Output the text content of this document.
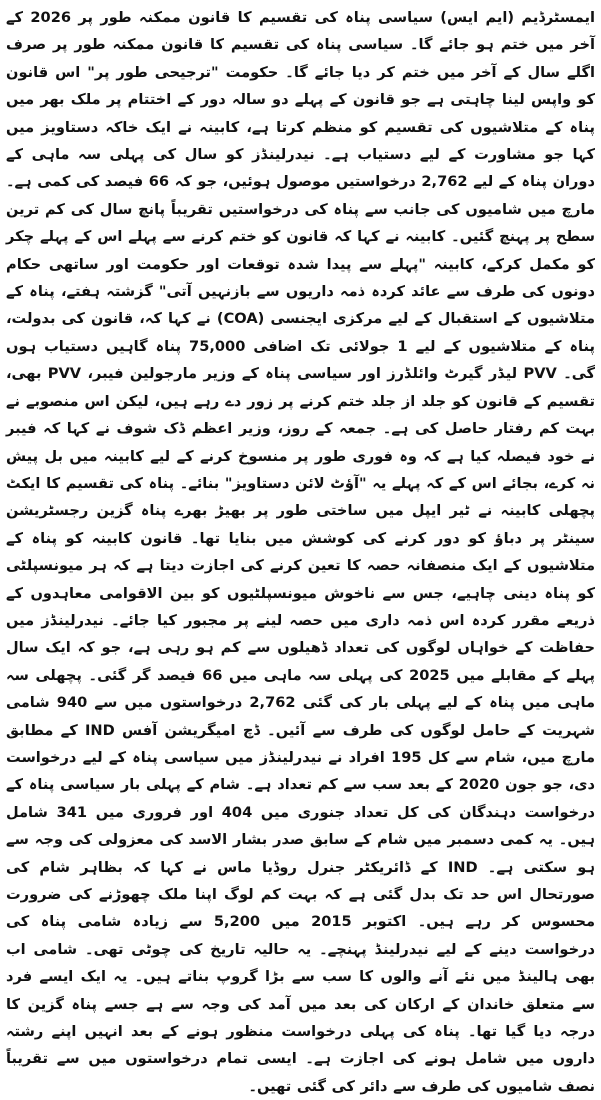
ایمسٹرڈیم (ایم ایس) سیاسی پناہ کی تقسیم کا قانون ممکنہ طور پر 2026 کے آخر میں ختم ہو جائے گا۔ سیاسی پناہ کی تقسیم کا قانون ممکنہ طور پر صرف اگلے سال کے آخر میں ختم کر دیا جائے گا۔ حکومت "ترجیحی طور پر" اس قانون کو واپس لینا چاہتی ہے جو قانون کے پہلے دو سالہ دور کے اختتام پر ملک بھر میں پناہ کے متلاشیوں کی تقسیم کو منظم کرتا ہے، کابینہ نے ایک خاکہ دستاویز میں کہا جو مشاورت کے لیے دستیاب ہے۔ نیدرلینڈز کو سال کی پہلی سہ ماہی کے دوران پناہ کے لیے 2,762 درخواستیں موصول ہوئیں، جو کہ 66 فیصد کی کمی ہے۔ مارچ میں شامیوں کی جانب سے پناہ کی درخواستیں تقریباً پانچ سال کی کم ترین سطح پر پہنچ گئیں۔ کابینہ نے کہا کہ قانون کو ختم کرنے سے پہلے اس کے پہلے چکر کو مکمل کرکے، کابینہ "پہلے سے پیدا شدہ توقعات اور حکومت اور ساتھی حکام دونوں کی طرف سے عائد کردہ ذمہ داریوں سے بازنہیں آتی" گزشتہ ہفتے، پناہ کے متلاشیوں کے استقبال کے لیے مرکزی ایجنسی (COA) نے کہا کہ، قانون کی بدولت، پناہ کے متلاشیوں کے لیے 1 جولائی تک اضافی 75,000 پناہ گاہیں دستیاب ہوں گی۔ PVV لیڈر گیرٹ وائلڈرز اور سیاسی پناہ کے وزیر مارجولین فیبر، PVV بھی، تقسیم کے قانون کو جلد از جلد ختم کرنے پر زور دے رہے ہیں، لیکن اس منصوبے نے بہت کم رفتار حاصل کی ہے۔ جمعہ کے روز، وزیر اعظم ڈک شوف نے کہا کہ فیبر نے خود فیصلہ کیا ہے کہ وہ فوری طور پر منسوخ کرنے کے لیے کابینہ میں بل پیش نہ کرے، بجائے اس کے کہ پہلے یہ "آؤٹ لائن دستاویز" بنائے۔ پناہ کی تقسیم کا ایکٹ پچھلی کابینہ نے ٹیر ایپل میں ساختی طور پر بھیڑ بھرے پناہ گزین رجسٹریشن سینٹر پر دباؤ کو دور کرنے کی کوشش میں بنایا تھا۔ قانون کابینہ کو پناہ کے متلاشیوں کے ایک منصفانہ حصہ کا تعین کرنے کی اجازت دیتا ہے کہ ہر میونسپلٹی کو پناہ دینی چاہیے، جس سے ناخوش میونسپلٹیوں کو بین الاقوامی معاہدوں کے ذریعے مقرر کردہ اس ذمہ داری میں حصہ لینے پر مجبور کیا جائے۔ نیدرلینڈز میں حفاظت کے خواہاں لوگوں کی تعداد ڈھیلوں سے کم ہو رہی ہے، جو کہ ایک سال پہلے کے مقابلے میں 2025 کی پہلی سہ ماہی میں 66 فیصد گر گئی۔ پچھلی سہ ماہی میں پناہ کے لیے پہلی بار کی گئی 2,762 درخواستوں میں سے 940 شامی شہریت کے حامل لوگوں کی طرف سے آئیں۔ ڈچ امیگریشن آفس IND کے مطابق مارچ میں، شام سے کل 195 افراد نے نیدرلینڈز میں سیاسی پناہ کے لیے درخواست دی، جو جون 2020 کے بعد سب سے کم تعداد ہے۔ شام کے پہلی بار سیاسی پناہ کے درخواست دہندگان کی کل تعداد جنوری میں 404 اور فروری میں 341 شامل ہیں۔ یہ کمی دسمبر میں شام کے سابق صدر بشار الاسد کی معزولی کی وجہ سے ہو سکتی ہے۔ IND کے ڈائریکٹر جنرل روڈیا ماس نے کہا کہ بظاہر شام کی صورتحال اس حد تک بدل گئی ہے کہ بہت کم لوگ اپنا ملک چھوڑنے کی ضرورت محسوس کر رہے ہیں۔ اکتوبر 2015 میں 5,200 سے زیادہ شامی پناہ کی درخواست دینے کے لیے نیدرلینڈ پہنچے۔ یہ حالیہ تاریخ کی چوٹی تھی۔ شامی اب بھی ہالینڈ میں نئے آنے والوں کا سب سے بڑا گروپ بناتے ہیں۔ یہ ایک ایسے فرد سے متعلق خاندان کے ارکان کی بعد میں آمد کی وجہ سے ہے جسے پناہ گزین کا درجہ دیا گیا تھا۔ پناہ کی پہلی درخواست منظور ہونے کے بعد انہیں اپنے رشتہ داروں میں شامل ہونے کی اجازت ہے۔ ایسی تمام درخواستوں میں سے تقریباً نصف شامیوں کی طرف سے دائر کی گئی تھیں۔
